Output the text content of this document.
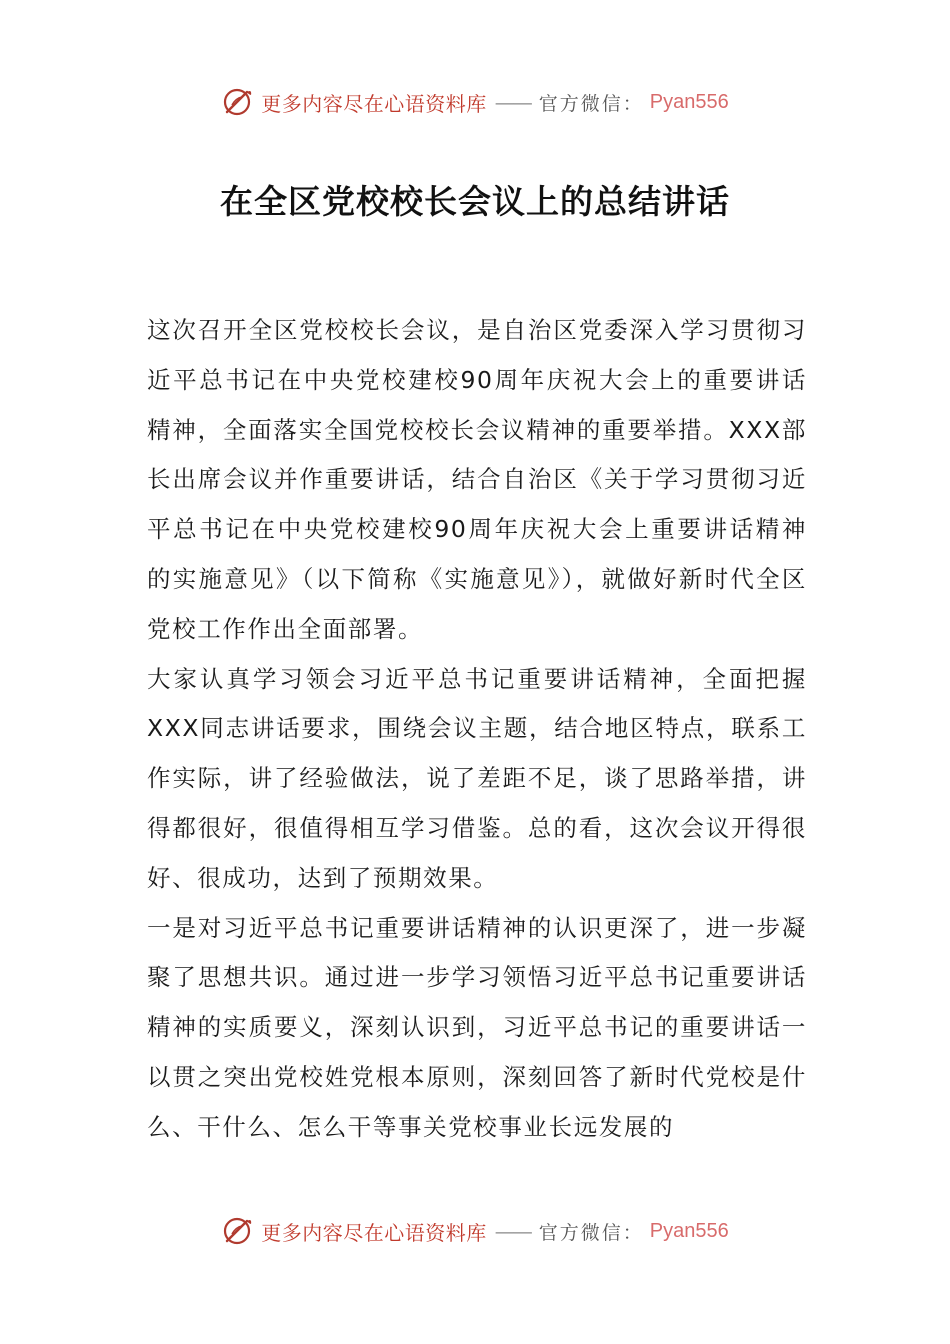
更多内容尽在心语资料库 —— 官方微信： Pyan556
在全区党校校长会议上的总结讲话

这次召开全区党校校长会议，是自治区党委深入学习贯彻习近平总书记在中央党校建校90周年庆祝大会上的重要讲话精神，全面落实全国党校校长会议精神的重要举措。XXX部长出席会议并作重要讲话，结合自治区《关于学习贯彻习近平总书记在中央党校建校90周年庆祝大会上重要讲话精神的实施意见》（以下简称《实施意见》），就做好新时代全区党校工作作出全面部署。

大家认真学习领会习近平总书记重要讲话精神，全面把握XXX同志讲话要求，围绕会议主题，结合地区特点，联系工作实际，讲了经验做法，说了差距不足，谈了思路举措，讲得都很好，很值得相互学习借鉴。总的看，这次会议开得很好、很成功，达到了预期效果。

一是对习近平总书记重要讲话精神的认识更深了，进一步凝聚了思想共识。通过进一步学习领悟习近平总书记重要讲话精神的实质要义，深刻认识到，习近平总书记的重要讲话一以贯之突出党校姓党根本原则，深刻回答了新时代党校是什么、干什么、怎么干等事关党校事业长远发展的

更多内容尽在心语资料库 —— 官方微信： Pyan556
